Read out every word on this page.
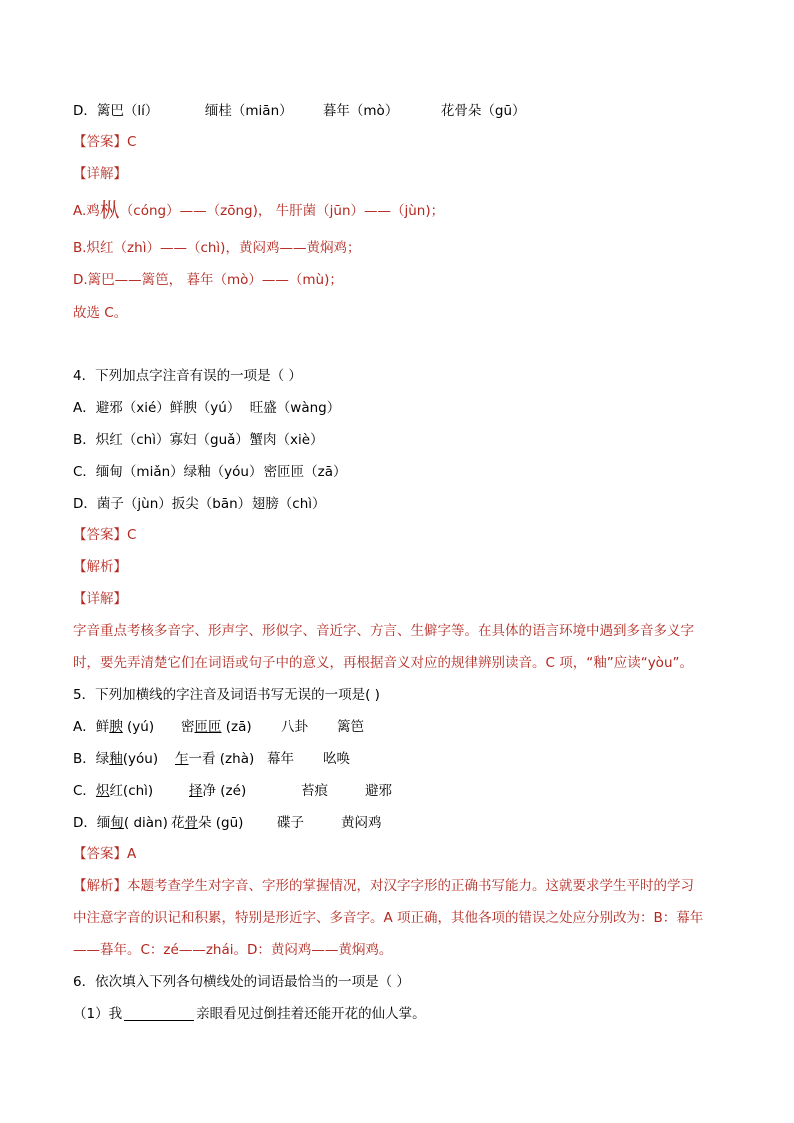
D．篱巴（lí）	缅桂（miān） 暮年（mò）	花骨朵（gū）
【答案】C
【详解】
A.鸡枞（cóng）——（zōng)， 牛肝菌（jūn）——（jùn)；
B.炽红（zhì）——（chì)，黄闷鸡——黄焖鸡；
D.篱巴——篱笆， 暮年（mò）——（mù)；
故选 C。
4．下列加点字注音有误的一项是（ ）
A．避邪（xié）鲜腴（yú） 旺盛（wàng）
B．炽红（chì）寡妇（guǎ）蟹肉（xiè）
C．缅甸（miǎn）绿釉（yóu）密匝匝（zā）
D．菌子（jùn）扳尖（bān）翅膀（chì）
【答案】C
【解析】
【详解】
字音重点考核多音字、形声字、形似字、音近字、方言、生僻字等。在具体的语言环境中遇到多音多义字
时，要先弄清楚它们在词语或句子中的意义，再根据音义对应的规律辨别读音。C 项，“釉”应读“yòu”。
5．下列加横线的字注音及词语书写无误的一项是( )
A．鲜腴 (yú) 密匝匝 (zā) 八卦 篱笆
B．绿釉(yóu) 乍一看 (zhà) 幕年 吆唤
C．炽红(chì)	择净 (zé)	苔痕	避邪
D．缅甸( diàn) 花骨朵 (gū) 碟子	黄闷鸡
【答案】A
【解析】本题考查学生对字音、字形的掌握情况，对汉字字形的正确书写能力。这就要求学生平时的学习
中注意字音的识记和积累，特别是形近字、多音字。A 项正确，其他各项的错误之处应分别改为：B：幕年
——暮年。C：zé——zhái。D：黄闷鸡——黄焖鸡。
6．依次填入下列各句横线处的词语最恰当的一项是（ ）
（1）我	亲眼看见过倒挂着还能开花的仙人掌。
